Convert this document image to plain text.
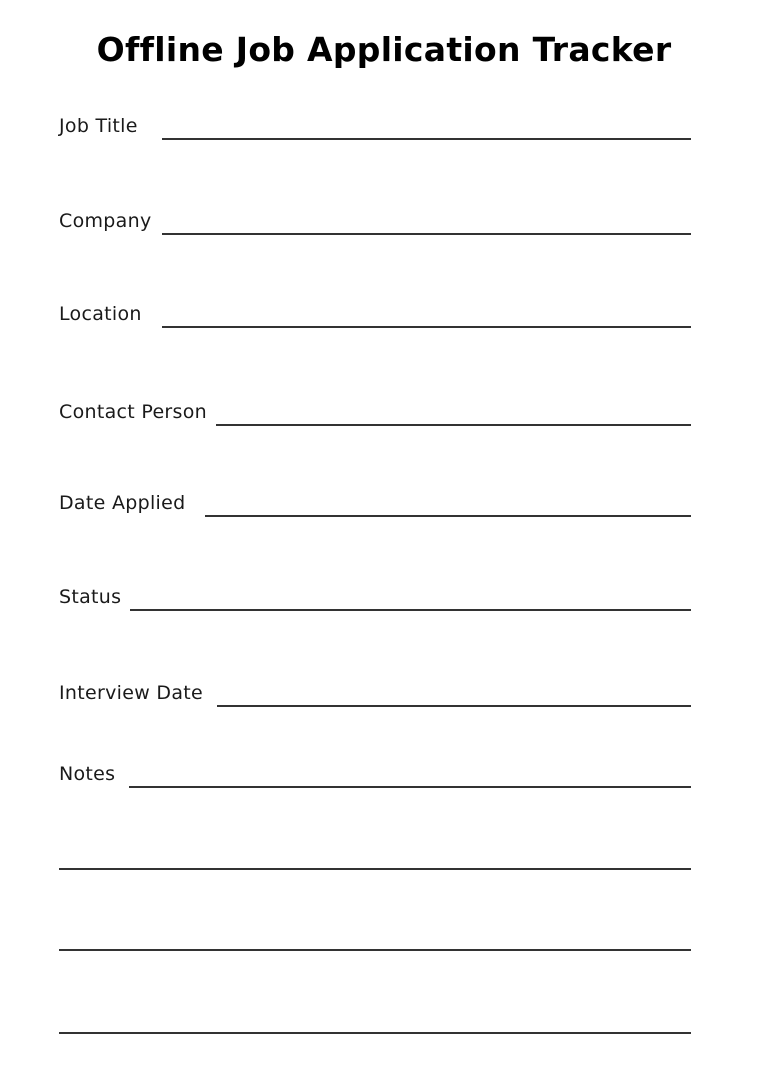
Offline Job Application Tracker
Job Title
Company
Location
Contact Person
Date Applied
Status
Interview Date
Notes
